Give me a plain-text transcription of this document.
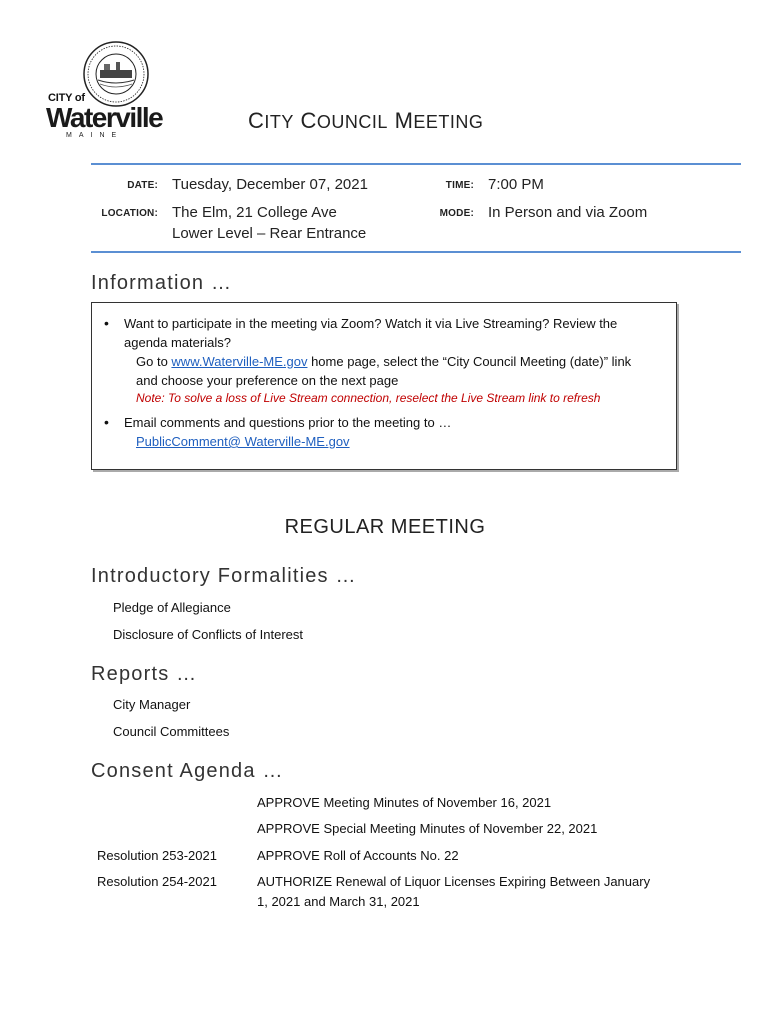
CITY of
Waterville
MAINE
CITY COUNCIL MEETING
DATE: Tuesday, December 07, 2021	TIME: 7:00 PM
LOCATION: The Elm, 21 College Ave
Lower Level – Rear Entrance
MODE: In Person and via Zoom
Information …
• Want to participate in the meeting via Zoom? Watch it via Live Streaming? Review the
agenda materials?
Go to www.Waterville-ME.gov home page, select the “City Council Meeting (date)” link
and choose your preference on the next page
Note: To solve a loss of Live Stream connection, reselect the Live Stream link to refresh
• Email comments and questions prior to the meeting to …
PublicComment@ Waterville-ME.gov
REGULAR MEETING
Introductory Formalities …
Pledge of Allegiance
Disclosure of Conflicts of Interest
Reports …
City Manager
Council Committees
Consent Agenda …
APPROVE Meeting Minutes of November 16, 2021
APPROVE Special Meeting Minutes of November 22, 2021
Resolution 253-2021	APPROVE Roll of Accounts No. 22
Resolution 254-2021	AUTHORIZE Renewal of Liquor Licenses Expiring Between January
1, 2021 and March 31, 2021
